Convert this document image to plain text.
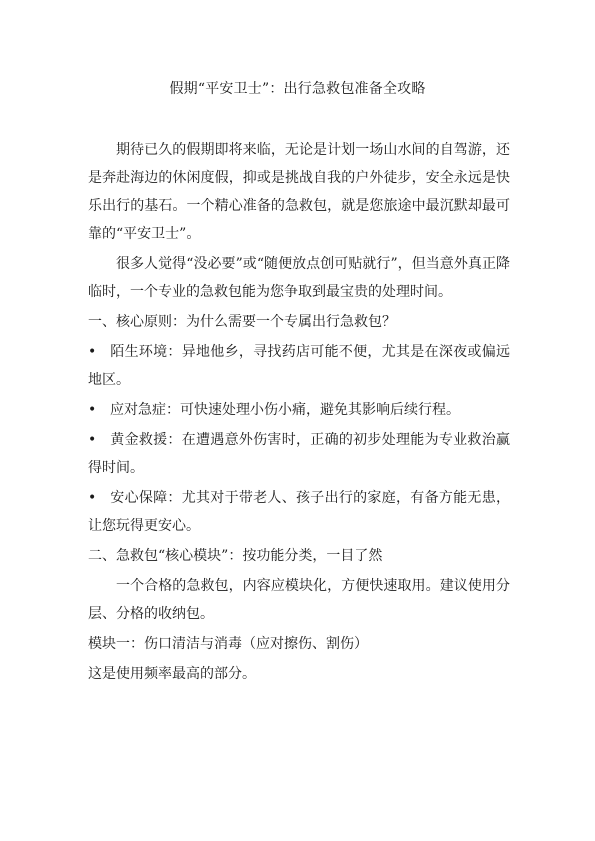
假期“平安卫士”：出行急救包准备全攻略

期待已久的假期即将来临，无论是计划一场山水间的自驾游，还是奔赴海边的休闲度假，抑或是挑战自我的户外徒步，安全永远是快乐出行的基石。一个精心准备的急救包，就是您旅途中最沉默却最可靠的“平安卫士”。

很多人觉得“没必要”或“随便放点创可贴就行”，但当意外真正降临时，一个专业的急救包能为您争取到最宝贵的处理时间。

一、核心原则：为什么需要一个专属出行急救包？

• 陌生环境：异地他乡，寻找药店可能不便，尤其是在深夜或偏远地区。

• 应对急症：可快速处理小伤小痛，避免其影响后续行程。

• 黄金救援：在遭遇意外伤害时，正确的初步处理能为专业救治赢得时间。

• 安心保障：尤其对于带老人、孩子出行的家庭，有备方能无患，让您玩得更安心。

二、急救包“核心模块”：按功能分类，一目了然

一个合格的急救包，内容应模块化，方便快速取用。建议使用分层、分格的收纳包。

模块一：伤口清洁与消毒（应对擦伤、割伤）

这是使用频率最高的部分。
